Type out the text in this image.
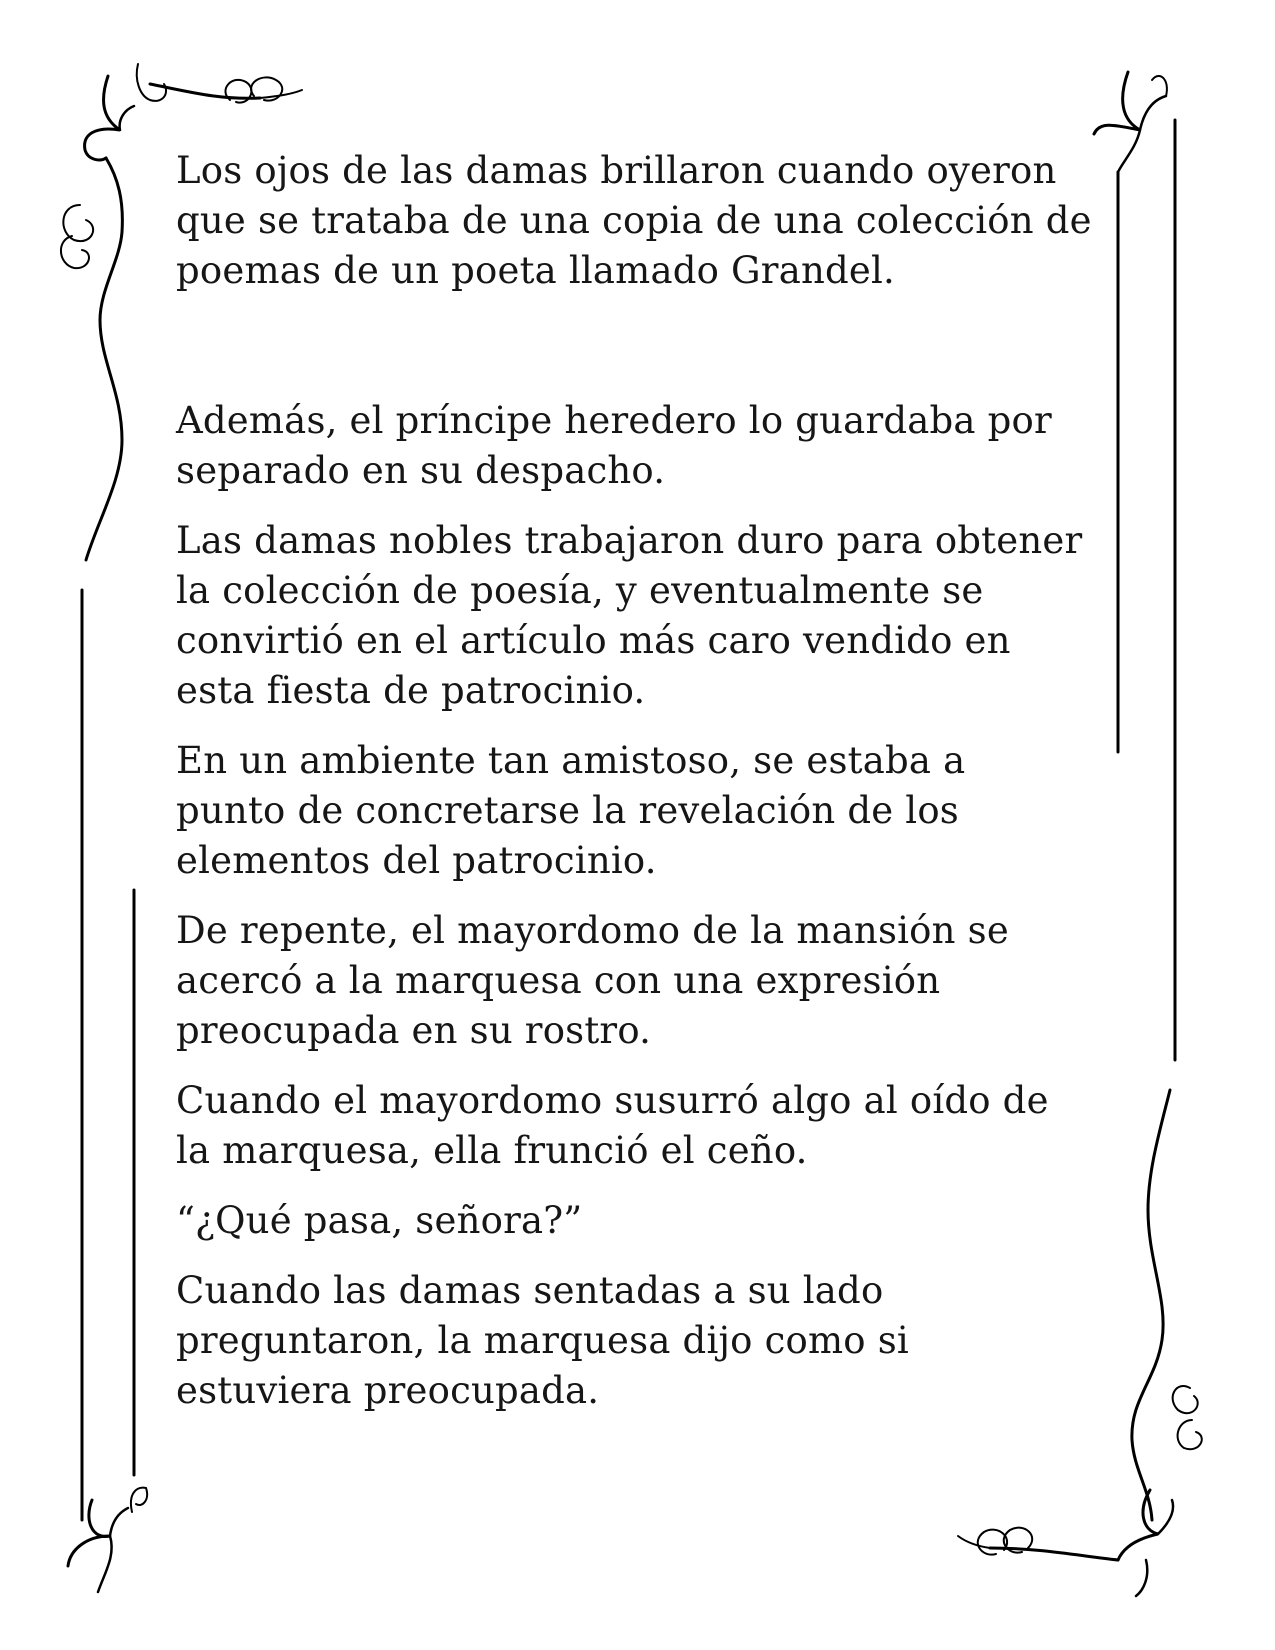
Los ojos de las damas brillaron cuando oyeron
que se trataba de una copia de una colección de
poemas de un poeta llamado Grandel.

Además, el príncipe heredero lo guardaba por
separado en su despacho.

Las damas nobles trabajaron duro para obtener
la colección de poesía, y eventualmente se
convirtió en el artículo más caro vendido en
esta fiesta de patrocinio.

En un ambiente tan amistoso, se estaba a
punto de concretarse la revelación de los
elementos del patrocinio.

De repente, el mayordomo de la mansión se
acercó a la marquesa con una expresión
preocupada en su rostro.

Cuando el mayordomo susurró algo al oído de
la marquesa, ella frunció el ceño.

“¿Qué pasa, señora?”

Cuando las damas sentadas a su lado
preguntaron, la marquesa dijo como si
estuviera preocupada.
